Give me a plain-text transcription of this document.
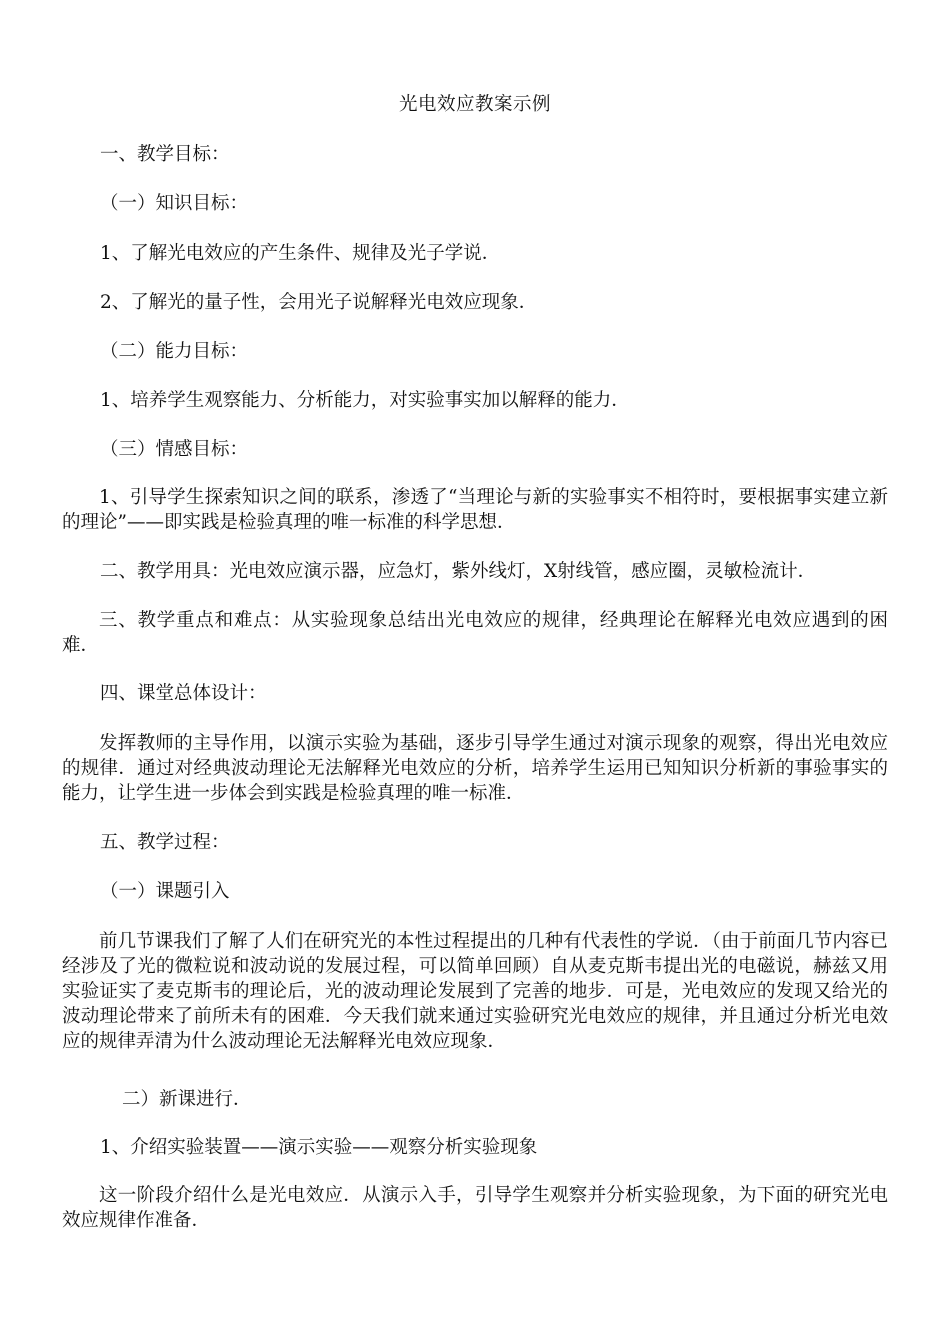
光电效应教案示例
一、教学目标：
（一）知识目标：
1、了解光电效应的产生条件、规律及光子学说．
2、了解光的量子性，会用光子说解释光电效应现象．
（二）能力目标：
1、培养学生观察能力、分析能力，对实验事实加以解释的能力．
（三）情感目标：
1、引导学生探索知识之间的联系，渗透了“当理论与新的实验事实不相符时，要根据事实建立新的理论”——即实践是检验真理的唯一标准的科学思想．
二、教学用具：光电效应演示器，应急灯，紫外线灯，X射线管，感应圈，灵敏检流计．
三、教学重点和难点：从实验现象总结出光电效应的规律，经典理论在解释光电效应遇到的困难．
四、课堂总体设计：
发挥教师的主导作用，以演示实验为基础，逐步引导学生通过对演示现象的观察，得出光电效应的规律．通过对经典波动理论无法解释光电效应的分析，培养学生运用已知知识分析新的事验事实的能力，让学生进一步体会到实践是检验真理的唯一标准．
五、教学过程：
（一）课题引入
前几节课我们了解了人们在研究光的本性过程提出的几种有代表性的学说．（由于前面几节内容已经涉及了光的微粒说和波动说的发展过程，可以简单回顾）自从麦克斯韦提出光的电磁说，赫兹又用实验证实了麦克斯韦的理论后，光的波动理论发展到了完善的地步．可是，光电效应的发现又给光的波动理论带来了前所未有的困难．今天我们就来通过实验研究光电效应的规律，并且通过分析光电效应的规律弄清为什么波动理论无法解释光电效应现象．
二）新课进行．
1、介绍实验装置——演示实验——观察分析实验现象
这一阶段介绍什么是光电效应．从演示入手，引导学生观察并分析实验现象，为下面的研究光电效应规律作准备．
